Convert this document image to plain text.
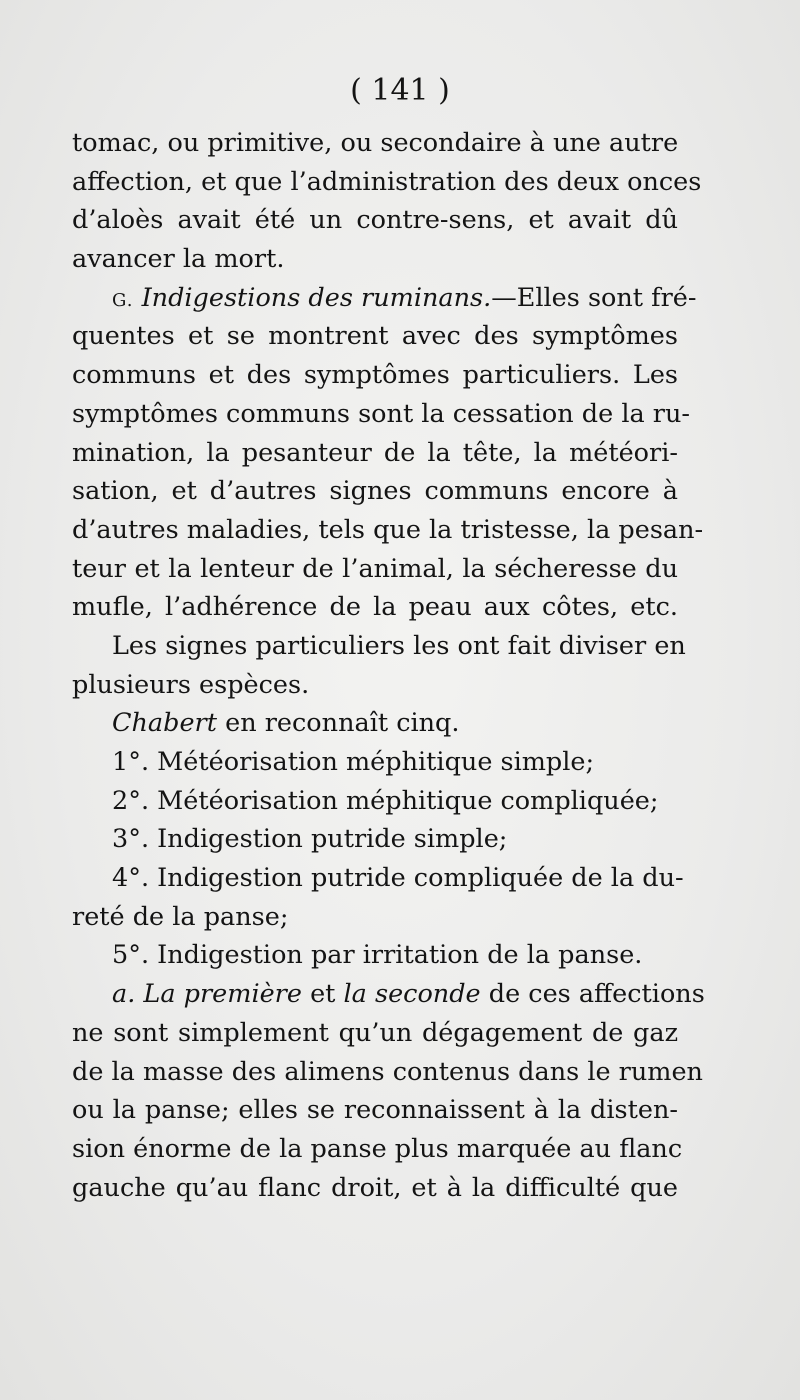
( 141 )
tomac, ou primitive, ou secondaire à une autre
affection, et que l’administration des deux onces
d’aloès avait été un contre-sens, et avait dû
avancer la mort.
G. Indigestions des ruminans.—Elles sont fré-
quentes et se montrent avec des symptômes
communs et des symptômes particuliers. Les
symptômes communs sont la cessation de la ru-
mination, la pesanteur de la tête, la météori-
sation, et d’autres signes communs encore à
d’autres maladies, tels que la tristesse, la pesan-
teur et la lenteur de l’animal, la sécheresse du
mufle, l’adhérence de la peau aux côtes, etc.
Les signes particuliers les ont fait diviser en
plusieurs espèces.
Chabert en reconnaît cinq.
1°. Météorisation méphitique simple;
2°. Météorisation méphitique compliquée;
3°. Indigestion putride simple;
4°. Indigestion putride compliquée de la du-
reté de la panse;
5°. Indigestion par irritation de la panse.
a. La première et la seconde de ces affections
ne sont simplement qu’un dégagement de gaz
de la masse des alimens contenus dans le rumen
ou la panse; elles se reconnaissent à la disten-
sion énorme de la panse plus marquée au flanc
gauche qu’au flanc droit, et à la difficulté que
